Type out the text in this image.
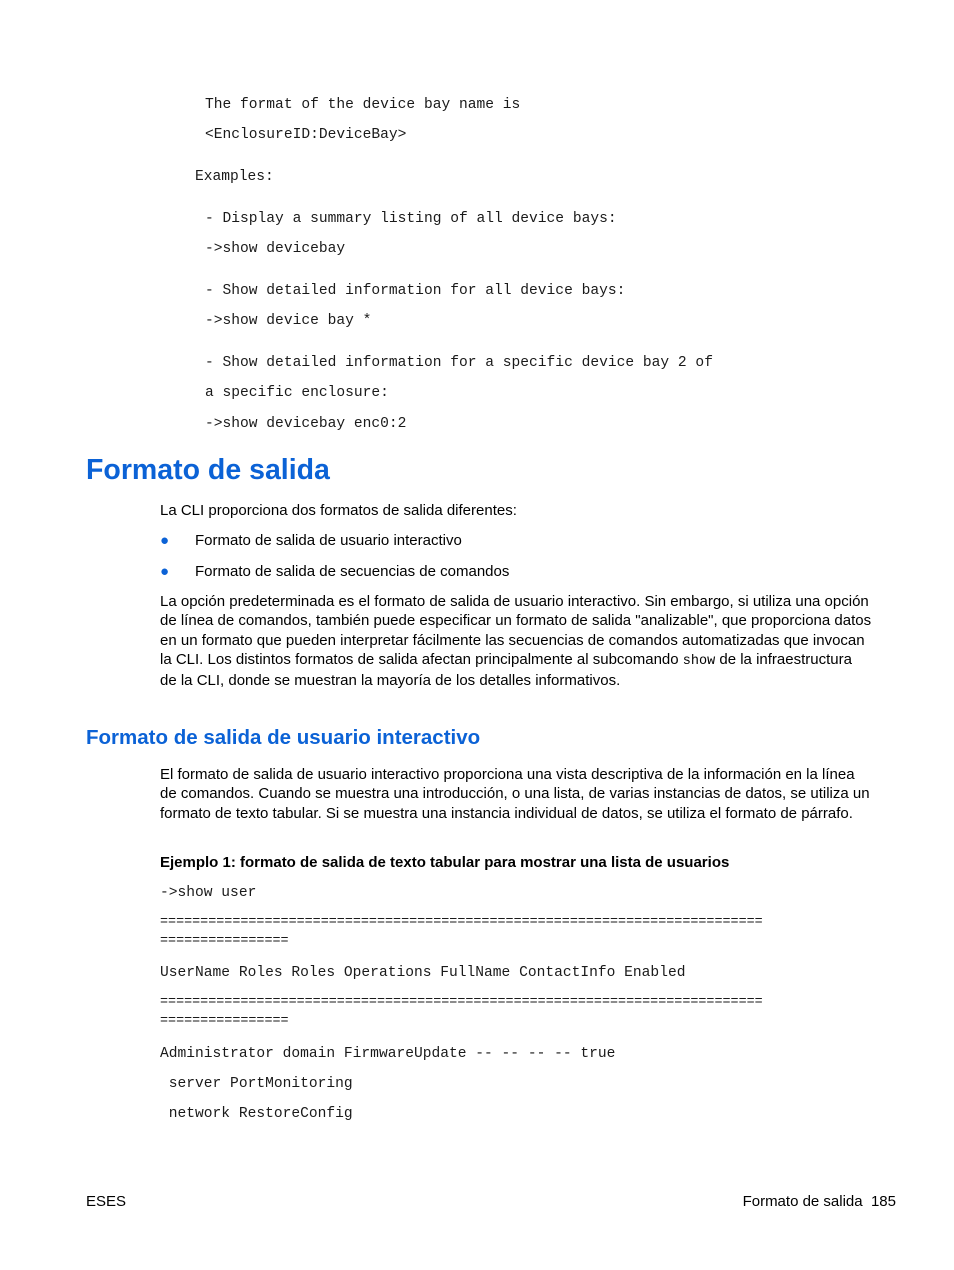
The format of the device bay name is
<EnclosureID:DeviceBay>
Examples:
- Display a summary listing of all device bays:
->show devicebay
- Show detailed information for all device bays:
->show device bay *
- Show detailed information for a specific device bay 2 of
a specific enclosure:
->show devicebay enc0:2
Formato de salida

La CLI proporciona dos formatos de salida diferentes:

● Formato de salida de usuario interactivo
● Formato de salida de secuencias de comandos

La opción predeterminada es el formato de salida de usuario interactivo. Sin embargo, si utiliza una opción de línea de comandos, también puede especificar un formato de salida "analizable", que proporciona datos en un formato que pueden interpretar fácilmente las secuencias de comandos automatizadas que invocan la CLI. Los distintos formatos de salida afectan principalmente al subcomando show de la infraestructura de la CLI, donde se muestran la mayoría de los detalles informativos.

Formato de salida de usuario interactivo

El formato de salida de usuario interactivo proporciona una vista descriptiva de la información en la línea de comandos. Cuando se muestra una introducción, o una lista, de varias instancias de datos, se utiliza un formato de texto tabular. Si se muestra una instancia individual de datos, se utiliza el formato de párrafo.

Ejemplo 1: formato de salida de texto tabular para mostrar una lista de usuarios
->show user
===========================================================================
================
UserName Roles Roles Operations FullName ContactInfo Enabled
===========================================================================
================
Administrator domain FirmwareUpdate -- -- -- -- true
server PortMonitoring
network RestoreConfig
ESES	Formato de salida 185
